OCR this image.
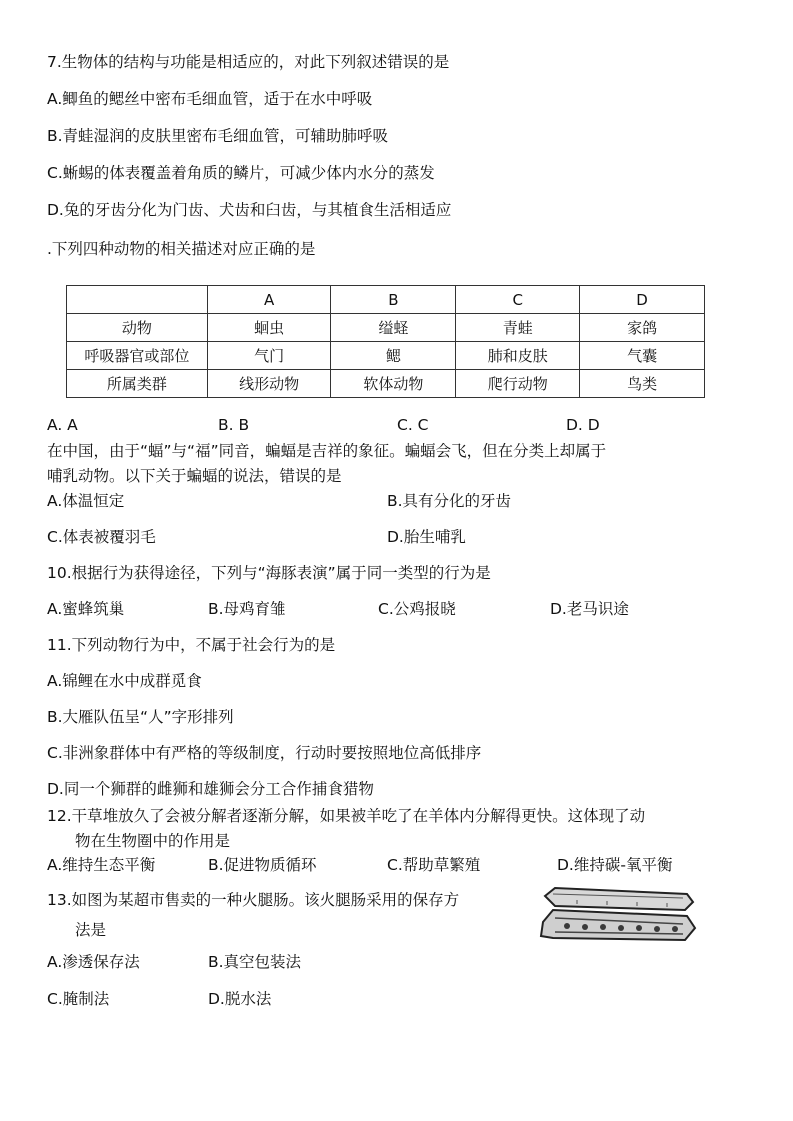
7.生物体的结构与功能是相适应的，对此下列叙述错误的是
A.鲫鱼的鳃丝中密布毛细血管，适于在水中呼吸
B.青蛙湿润的皮肤里密布毛细血管，可辅助肺呼吸
C.蜥蜴的体表覆盖着角质的鳞片，可减少体内水分的蒸发
D.兔的牙齿分化为门齿、犬齿和臼齿，与其植食生活相适应
.下列四种动物的相关描述对应正确的是
	A	B	C	D
动物	蛔虫	缢蛏	青蛙	家鸽
呼吸器官或部位	气门	鳃	肺和皮肤	气囊
所属类群	线形动物	软体动物	爬行动物	鸟类
A. A	B. B	C. C	D. D
在中国，由于“蝠”与“福”同音，蝙蝠是吉祥的象征。蝙蝠会飞，但在分类上却属于
哺乳动物。以下关于蝙蝠的说法，错误的是
A.体温恒定	B.具有分化的牙齿
C.体表被覆羽毛	D.胎生哺乳
10.根据行为获得途径，下列与“海豚表演”属于同一类型的行为是
A.蜜蜂筑巢	B.母鸡育雏	C.公鸡报晓	D.老马识途
11.下列动物行为中，不属于社会行为的是
A.锦鲤在水中成群觅食
B.大雁队伍呈“人”字形排列
C.非洲象群体中有严格的等级制度，行动时要按照地位高低排序
D.同一个狮群的雌狮和雄狮会分工合作捕食猎物
12.干草堆放久了会被分解者逐渐分解，如果被羊吃了在羊体内分解得更快。这体现了动
物在生物圈中的作用是
A.维持生态平衡	B.促进物质循环	C.帮助草繁殖	D.维持碳-氧平衡
13.如图为某超市售卖的一种火腿肠。该火腿肠采用的保存方
法是
A.渗透保存法	B.真空包装法
C.腌制法	D.脱水法
